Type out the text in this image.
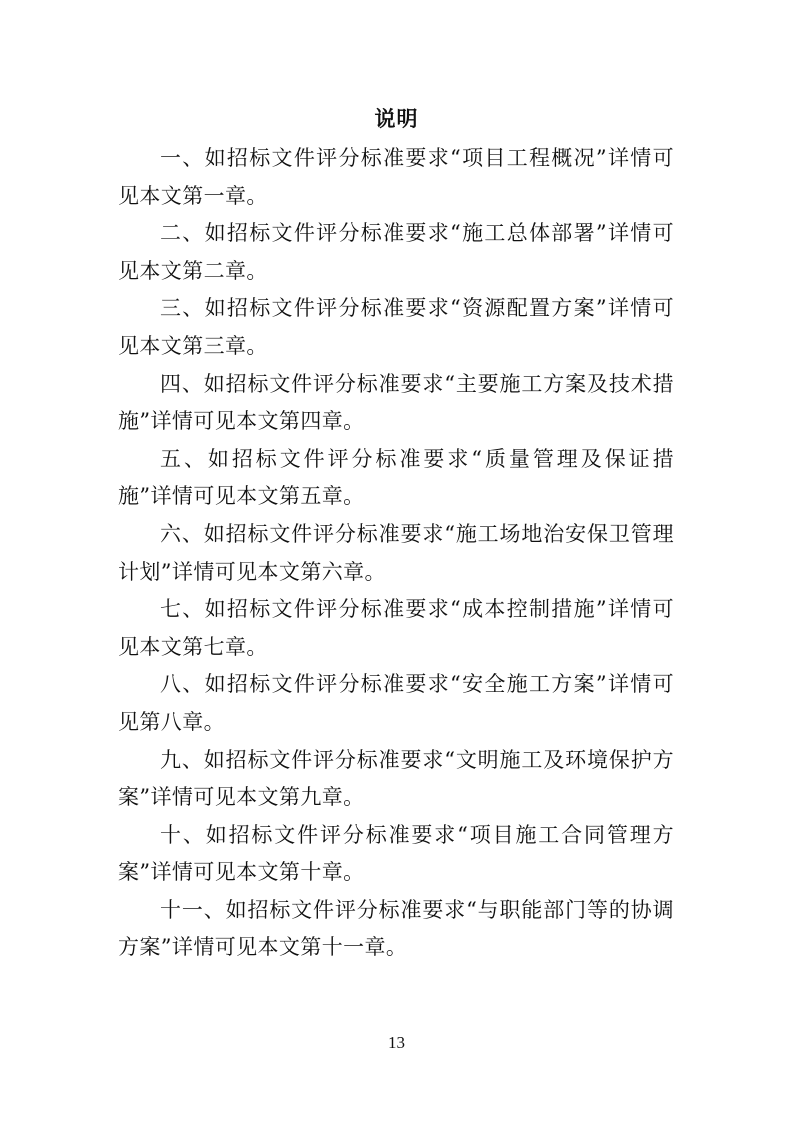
说明

一、如招标文件评分标准要求“项目工程概况”详情可见本文第一章。

二、如招标文件评分标准要求“施工总体部署”详情可见本文第二章。

三、如招标文件评分标准要求“资源配置方案”详情可见本文第三章。

四、如招标文件评分标准要求“主要施工方案及技术措施”详情可见本文第四章。

五、如招标文件评分标准要求“质量管理及保证措施”详情可见本文第五章。

六、如招标文件评分标准要求“施工场地治安保卫管理计划”详情可见本文第六章。

七、如招标文件评分标准要求“成本控制措施”详情可见本文第七章。

八、如招标文件评分标准要求“安全施工方案”详情可见第八章。

九、如招标文件评分标准要求“文明施工及环境保护方案”详情可见本文第九章。

十、如招标文件评分标准要求“项目施工合同管理方案”详情可见本文第十章。

十一、如招标文件评分标准要求“与职能部门等的协调方案”详情可见本文第十一章。

13
